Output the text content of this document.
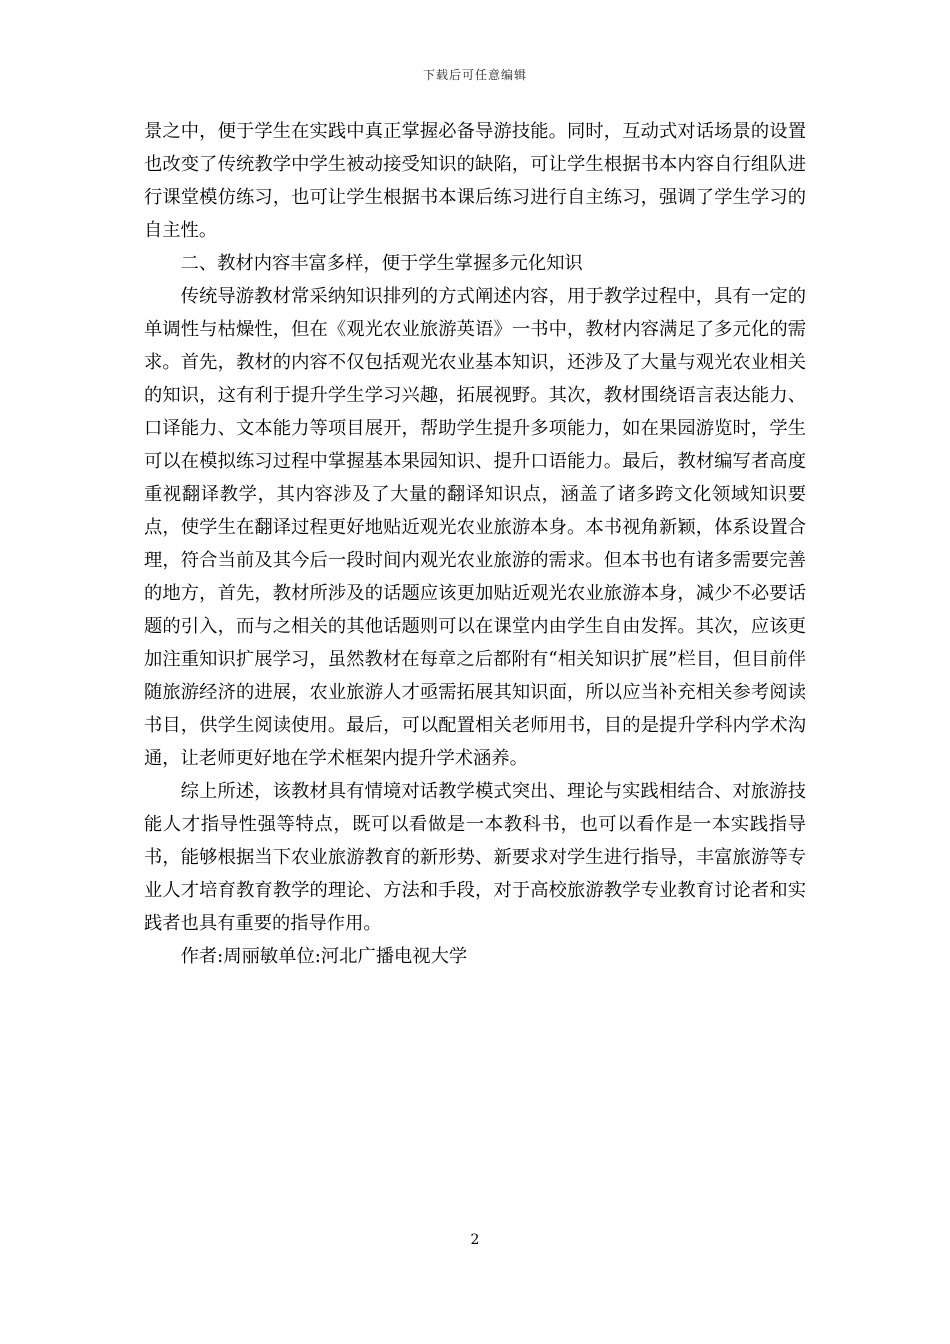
下载后可任意编辑

景之中，便于学生在实践中真正掌握必备导游技能。同时，互动式对话场景的设置也改变了传统教学中学生被动接受知识的缺陷，可让学生根据书本内容自行组队进行课堂模仿练习，也可让学生根据书本课后练习进行自主练习，强调了学生学习的自主性。

二、教材内容丰富多样，便于学生掌握多元化知识

传统导游教材常采纳知识排列的方式阐述内容，用于教学过程中，具有一定的单调性与枯燥性，但在《观光农业旅游英语》一书中，教材内容满足了多元化的需求。首先，教材的内容不仅包括观光农业基本知识，还涉及了大量与观光农业相关的知识，这有利于提升学生学习兴趣，拓展视野。其次，教材围绕语言表达能力、口译能力、文本能力等项目展开，帮助学生提升多项能力，如在果园游览时，学生可以在模拟练习过程中掌握基本果园知识、提升口语能力。最后，教材编写者高度重视翻译教学，其内容涉及了大量的翻译知识点，涵盖了诸多跨文化领域知识要点，使学生在翻译过程更好地贴近观光农业旅游本身。本书视角新颖，体系设置合理，符合当前及其今后一段时间内观光农业旅游的需求。但本书也有诸多需要完善的地方，首先，教材所涉及的话题应该更加贴近观光农业旅游本身，减少不必要话题的引入，而与之相关的其他话题则可以在课堂内由学生自由发挥。其次，应该更加注重知识扩展学习，虽然教材在每章之后都附有“相关知识扩展”栏目，但目前伴随旅游经济的进展，农业旅游人才亟需拓展其知识面，所以应当补充相关参考阅读书目，供学生阅读使用。最后，可以配置相关老师用书，目的是提升学科内学术沟通，让老师更好地在学术框架内提升学术涵养。

综上所述，该教材具有情境对话教学模式突出、理论与实践相结合、对旅游技能人才指导性强等特点，既可以看做是一本教科书，也可以看作是一本实践指导书，能够根据当下农业旅游教育的新形势、新要求对学生进行指导，丰富旅游等专业人才培育教育教学的理论、方法和手段，对于高校旅游教学专业教育讨论者和实践者也具有重要的指导作用。

作者:周丽敏单位:河北广播电视大学

2
